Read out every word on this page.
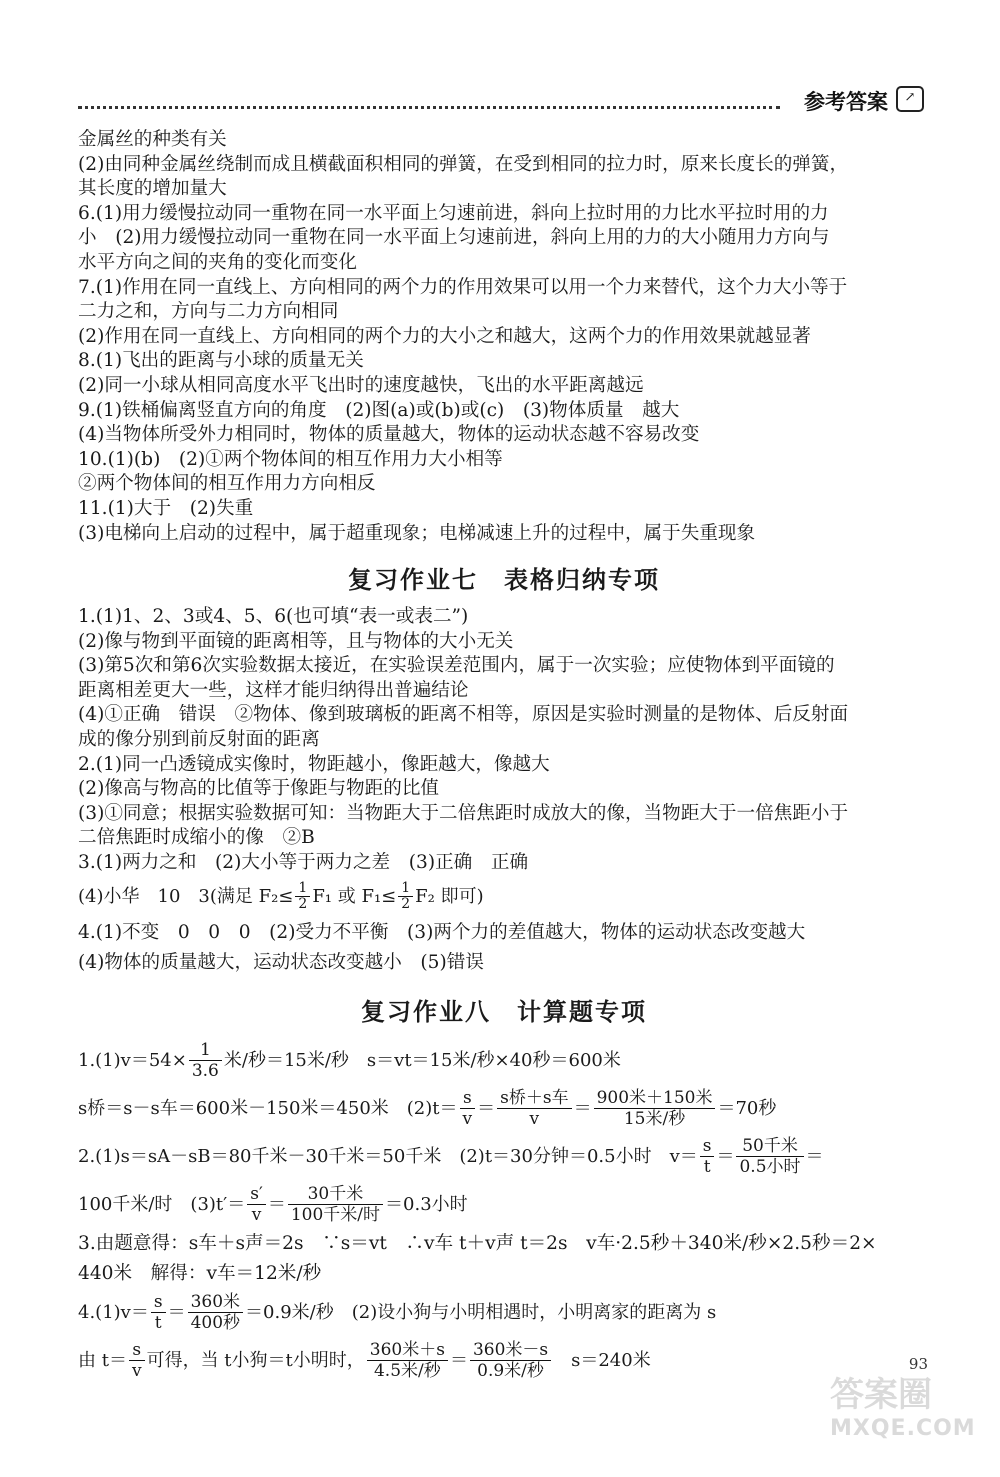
参考答案	↗
金属丝的种类有关
(2)由同种金属丝绕制而成且横截面积相同的弹簧，在受到相同的拉力时，原来长度长的弹簧，
其长度的增加量大
6.(1)用力缓慢拉动同一重物在同一水平面上匀速前进，斜向上拉时用的力比水平拉时用的力
小　(2)用力缓慢拉动同一重物在同一水平面上匀速前进，斜向上用的力的大小随用力方向与
水平方向之间的夹角的变化而变化
7.(1)作用在同一直线上、方向相同的两个力的作用效果可以用一个力来替代，这个力大小等于
二力之和，方向与二力方向相同
(2)作用在同一直线上、方向相同的两个力的大小之和越大，这两个力的作用效果就越显著
8.(1)飞出的距离与小球的质量无关
(2)同一小球从相同高度水平飞出时的速度越快，飞出的水平距离越远
9.(1)铁桶偏离竖直方向的角度　(2)图(a)或(b)或(c)　(3)物体质量　越大
(4)当物体所受外力相同时，物体的质量越大，物体的运动状态越不容易改变
10.(1)(b)　(2)①两个物体间的相互作用力大小相等
②两个物体间的相互作用力方向相反
11.(1)大于　(2)失重
(3)电梯向上启动的过程中，属于超重现象；电梯减速上升的过程中，属于失重现象
复习作业七　表格归纳专项
1.(1)1、2、3或4、5、6(也可填“表一或表二”)
(2)像与物到平面镜的距离相等，且与物体的大小无关
(3)第5次和第6次实验数据太接近，在实验误差范围内，属于一次实验；应使物体到平面镜的
距离相差更大一些，这样才能归纳得出普遍结论
(4)①正确　错误　②物体、像到玻璃板的距离不相等，原因是实验时测量的是物体、后反射面
成的像分别到前反射面的距离
2.(1)同一凸透镜成实像时，物距越小，像距越大，像越大
(2)像高与物高的比值等于像距与物距的比值
(3)①同意；根据实验数据可知：当物距大于二倍焦距时成放大的像，当物距大于一倍焦距小于
二倍焦距时成缩小的像　②B
3.(1)两力之和　(2)大小等于两力之差　(3)正确　正确
(4)小华　10　3(满足 $F_2\le \frac{1}{2} F_1$ 或 $F_1\le \frac{1}{2} F_2$ 即可)
4.(1)不变　0　0　0　(2)受力不平衡　(3)两个力的差值越大，物体的运动状态改变越大
(4)物体的质量越大，运动状态改变越小　(5)错误
复习作业八　计算题专项
$1.(1)v=54\times \frac{1}{3.6}$ 米/秒＝15米/秒　s＝vt＝15米/秒×40秒＝600米
s桥＝s－s车＝600米－150米＝450米　$(2)t= \frac{s}{v} = \frac{\text{s桥＋s车}}{v} = \frac{\text{900米＋150米}}{\text{15米/秒}} =70$秒
2.(1)s＝sA－sB＝80千米－30千米＝50千米　(2)t＝30分钟＝0.5小时　$v= \frac{s}{t} = \frac{\text{50千米}}{\text{0.5小时}}$ ＝
100千米/时　$(3)t'= \frac{s'}{v} = \frac{\text{30千米}}{\text{100千米/时}} =0.3$小时
3.由题意得：s车＋s声＝2s　∵s＝vt　∴v车 t＋v声 t＝2s　v车·2.5秒＋340米/秒×2.5秒＝2×
440米　解得：v车＝12米/秒
$4.(1)v= \frac{s}{t} = \frac{\text{360米}}{\text{400秒}} =0.9$米/秒　(2)设小狗与小明相遇时，小明离家的距离为 s
由 $t= \frac{s}{v}$ 可得，当 t小狗＝t小明时， $\frac{\text{360米＋s}}{\text{4.5米/秒}} = \frac{\text{360米－s}}{\text{0.9米/秒}}$ 　s＝240米	93
答案圈
MXQE.COM
